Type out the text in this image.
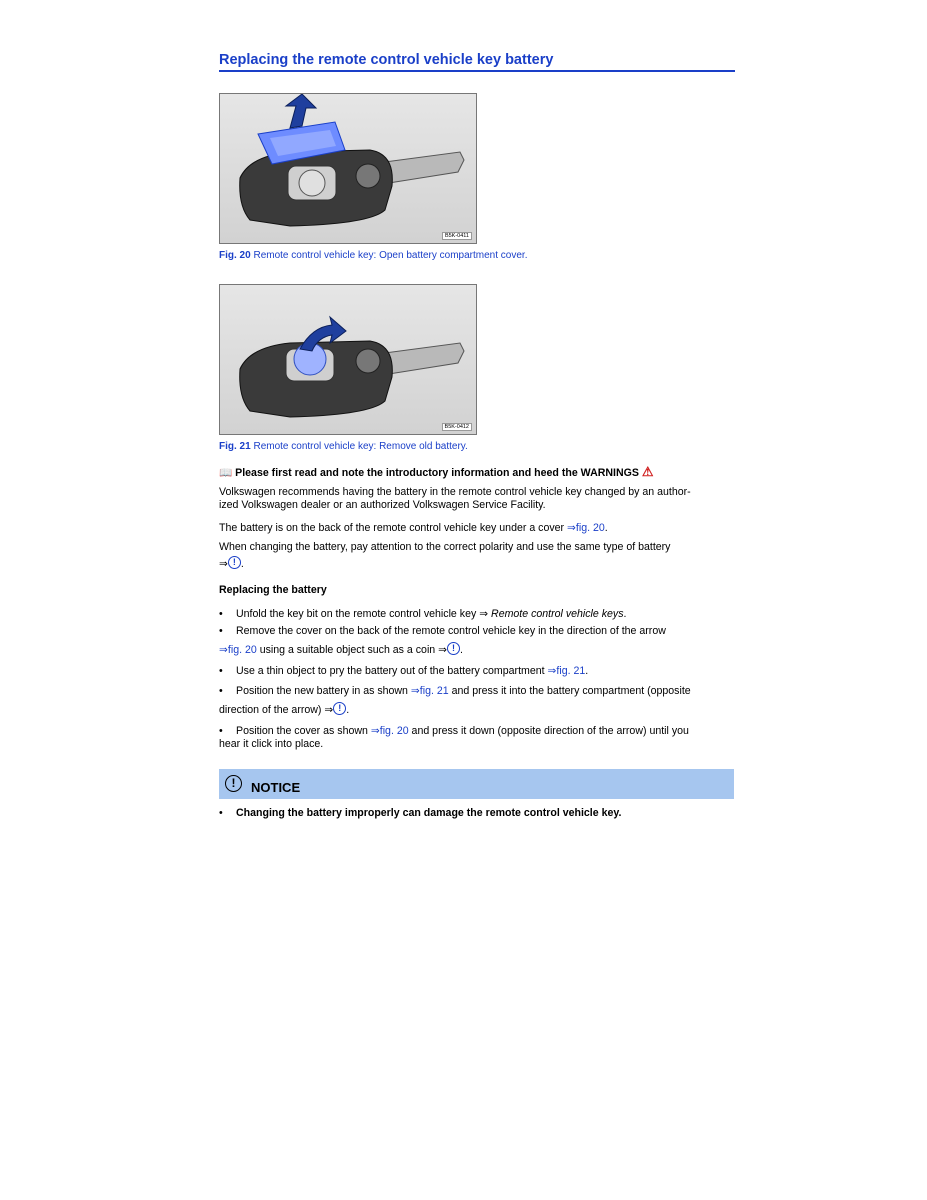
Replacing the remote control vehicle key battery
B5K-0411
Fig. 20 Remote control vehicle key: Open battery compartment cover.
B5K-0412
Fig. 21 Remote control vehicle key: Remove old battery.
📖 Please first read and note the introductory information and heed the WARNINGS ⚠
Volkswagen recommends having the battery in the remote control vehicle key changed by an author-
ized Volkswagen dealer or an authorized Volkswagen Service Facility.
The battery is on the back of the remote control vehicle key under a cover ⇒fig. 20.
When changing the battery, pay attention to the correct polarity and use the same type of battery
⇒ ! .
Replacing the battery
• Unfold the key bit on the remote control vehicle key ⇒ Remote control vehicle keys.
• Remove the cover on the back of the remote control vehicle key in the direction of the arrow
⇒fig. 20 using a suitable object such as a coin ⇒ ! .
• Use a thin object to pry the battery out of the battery compartment ⇒fig. 21.
• Position the new battery in as shown ⇒fig. 21 and press it into the battery compartment (opposite
direction of the arrow) ⇒ ! .
• Position the cover as shown ⇒fig. 20 and press it down (opposite direction of the arrow) until you
hear it click into place.
!	NOTICE
• Changing the battery improperly can damage the remote control vehicle key.
